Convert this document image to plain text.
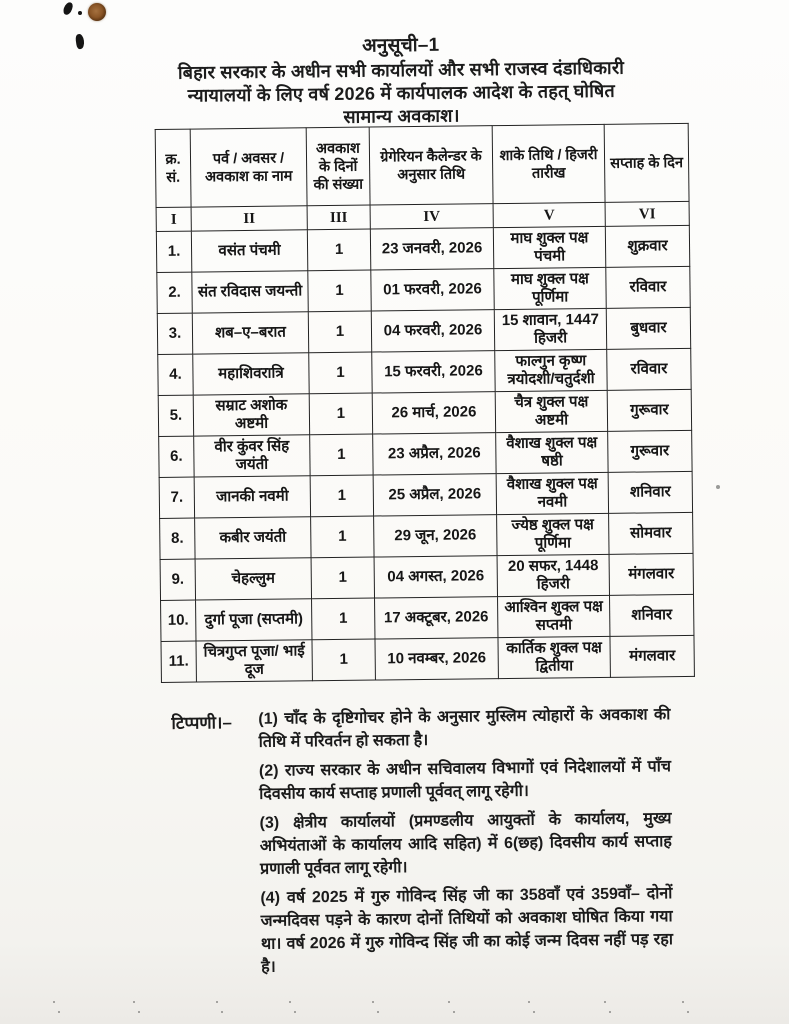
अनुसूची–1
बिहार सरकार के अधीन सभी कार्यालयों और सभी राजस्व दंडाधिकारी
न्यायालयों के लिए वर्ष 2026 में कार्यपालक आदेश के तहत् घोषित
सामान्य अवकाश।
क्र. सं.	पर्व / अवसर / अवकाश का नाम	अवकाश के दिनों की संख्या	ग्रेगेरियन कैलेन्डर के अनुसार तिथि	शाके तिथि / हिजरी तारीख	सप्ताह के दिन
I	II	III	IV	V	VI
1.	वसंत पंचमी	1	23 जनवरी, 2026	माघ शुक्ल पक्ष पंचमी	शुक्रवार
2.	संत रविदास जयन्ती	1	01 फरवरी, 2026	माघ शुक्ल पक्ष पूर्णिमा	रविवार
3.	शब–ए–बरात	1	04 फरवरी, 2026	15 शावान, 1447 हिजरी	बुधवार
4.	महाशिवरात्रि	1	15 फरवरी, 2026	फाल्गुन कृष्ण त्रयोदशी/चतुर्दशी	रविवार
5.	सम्राट अशोक अष्टमी	1	26 मार्च, 2026	चैत्र शुक्ल पक्ष अष्टमी	गुरूवार
6.	वीर कुंवर सिंह जयंती	1	23 अप्रैल, 2026	वैशाख शुक्ल पक्ष षष्ठी	गुरूवार
7.	जानकी नवमी	1	25 अप्रैल, 2026	वैशाख शुक्ल पक्ष नवमी	शनिवार
8.	कबीर जयंती	1	29 जून, 2026	ज्येष्ठ शुक्ल पक्ष पूर्णिमा	सोमवार
9.	चेहल्लुम	1	04 अगस्त, 2026	20 सफर, 1448 हिजरी	मंगलवार
10.	दुर्गा पूजा (सप्तमी)	1	17 अक्टूबर, 2026	आश्विन शुक्ल पक्ष सप्तमी	शनिवार
11.	चित्रगुप्त पूजा/ भाई दूज	1	10 नवम्बर, 2026	कार्तिक शुक्ल पक्ष द्वितीया	मंगलवार
टिप्पणी।– (1) चाँद के दृष्टिगोचर होने के अनुसार मुस्लिम त्योहारों के अवकाश की तिथि में परिवर्तन हो सकता है।

(2) राज्य सरकार के अधीन सचिवालय विभागों एवं निदेशालयों में पाँच दिवसीय कार्य सप्ताह प्रणाली पूर्ववत् लागू रहेगी।

(3) क्षेत्रीय कार्यालयों (प्रमण्डलीय आयुक्तों के कार्यालय, मुख्य अभियंताओं के कार्यालय आदि सहित) में 6(छह) दिवसीय कार्य सप्ताह प्रणाली पूर्ववत लागू रहेगी।

(4) वर्ष 2025 में गुरु गोविन्द सिंह जी का 358वाँ एवं 359वाँ– दोनों जन्मदिवस पड़ने के कारण दोनों तिथियों को अवकाश घोषित किया गया था। वर्ष 2026 में गुरु गोविन्द सिंह जी का कोई जन्म दिवस नहीं पड़ रहा है।
